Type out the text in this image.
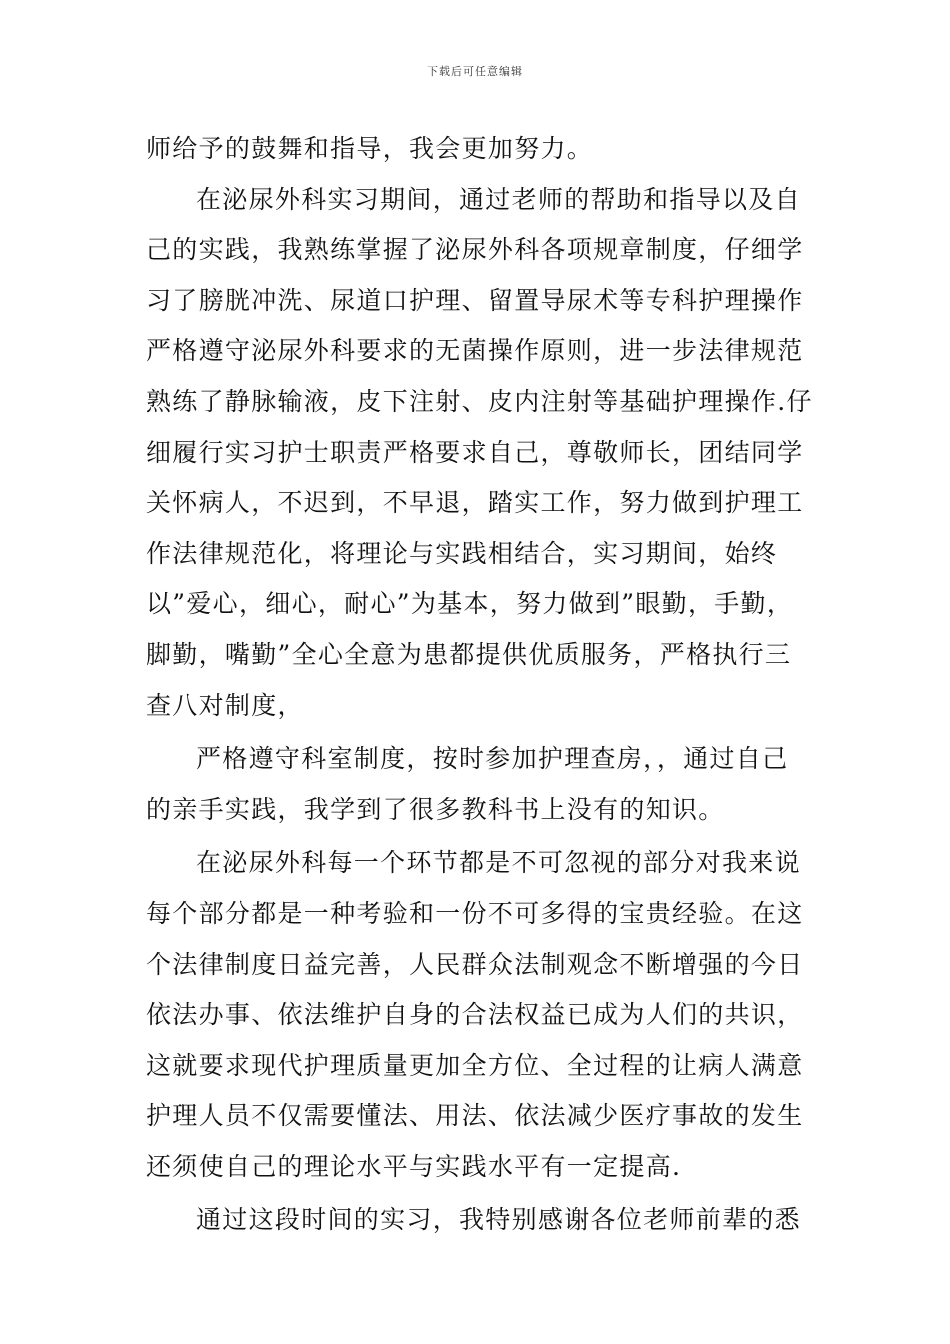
下载后可任意编辑
师给予的鼓舞和指导，我会更加努力。
在泌尿外科实习期间，通过老师的帮助和指导以及自
己的实践，我熟练掌握了泌尿外科各项规章制度，仔细学
习了膀胱冲洗、尿道口护理、留置导尿术等专科护理操作
严格遵守泌尿外科要求的无菌操作原则，进一步法律规范
熟练了静脉输液，皮下注射、皮内注射等基础护理操作.仔
细履行实习护士职责严格要求自己，尊敬师长，团结同学
关怀病人，不迟到，不早退，踏实工作，努力做到护理工
作法律规范化，将理论与实践相结合，实习期间，始终
以”爱心，细心，耐心”为基本，努力做到”眼勤，手勤，
脚勤，嘴勤”全心全意为患都提供优质服务，严格执行三
查八对制度，
严格遵守科室制度，按时参加护理查房，，通过自己
的亲手实践，我学到了很多教科书上没有的知识。
在泌尿外科每一个环节都是不可忽视的部分对我来说
每个部分都是一种考验和一份不可多得的宝贵经验。在这
个法律制度日益完善，人民群众法制观念不断增强的今日
依法办事、依法维护自身的合法权益已成为人们的共识，
这就要求现代护理质量更加全方位、全过程的让病人满意
护理人员不仅需要懂法、用法、依法减少医疗事故的发生
还须使自己的理论水平与实践水平有一定提高.
通过这段时间的实习，我特别感谢各位老师前辈的悉
